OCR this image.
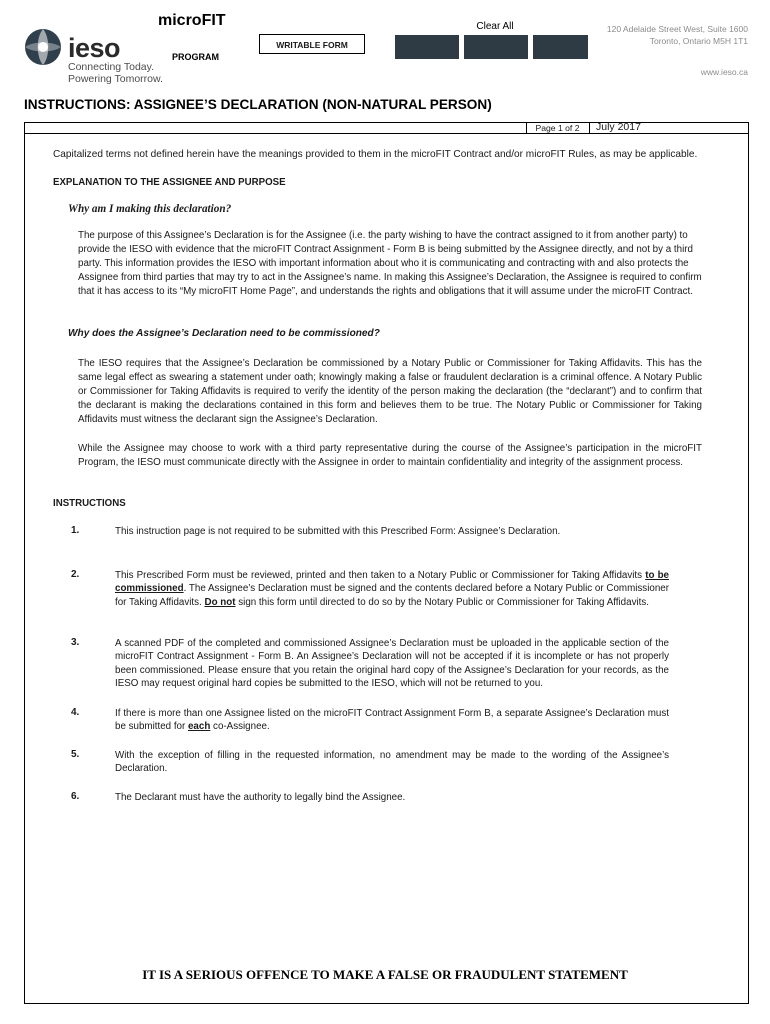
ieso
Connecting Today.
Powering Tomorrow.
microFIT
PROGRAM
WRITABLE FORM
Clear All	120 Adelaide Street West, Suite 1600
Toronto, Ontario M5H 1T1
www.ieso.ca
INSTRUCTIONS: ASSIGNEE’S DECLARATION (NON-NATURAL PERSON)
Page 1 of 2	July 2017
Capitalized terms not defined herein have the meanings provided to them in the microFIT Contract and/or microFIT Rules, as may be applicable.
EXPLANATION TO THE ASSIGNEE AND PURPOSE
Why am I making this declaration?
The purpose of this Assignee’s Declaration is for the Assignee (i.e. the party wishing to have the contract assigned to it from another party) to provide the IESO with evidence that the microFIT Contract Assignment - Form B is being submitted by the Assignee directly, and not by a third party. This information provides the IESO with important information about who it is communicating and contracting with and also protects the Assignee from third parties that may try to act in the Assignee’s name. In making this Assignee’s Declaration, the Assignee is required to confirm that it has access to its “My microFIT Home Page”, and understands the rights and obligations that it will assume under the microFIT Contract.
Why does the Assignee’s Declaration need to be commissioned?
The IESO requires that the Assignee’s Declaration be commissioned by a Notary Public or Commissioner for Taking Affidavits. This has the same legal effect as swearing a statement under oath; knowingly making a false or fraudulent declaration is a criminal offence. A Notary Public or Commissioner for Taking Affidavits is required to verify the identity of the person making the declaration (the “declarant”) and to confirm that the declarant is making the declarations contained in this form and believes them to be true. The Notary Public or Commissioner for Taking Affidavits must witness the declarant sign the Assignee’s Declaration.
While the Assignee may choose to work with a third party representative during the course of the Assignee’s participation in the microFIT Program, the IESO must communicate directly with the Assignee in order to maintain confidentiality and integrity of the assignment process.
INSTRUCTIONS
1.	This instruction page is not required to be submitted with this Prescribed Form: Assignee’s Declaration.
2.	This Prescribed Form must be reviewed, printed and then taken to a Notary Public or Commissioner for Taking Affidavits to be commissioned. The Assignee’s Declaration must be signed and the contents declared before a Notary Public or Commissioner for Taking Affidavits. Do not sign this form until directed to do so by the Notary Public or Commissioner for Taking Affidavits.
3.	A scanned PDF of the completed and commissioned Assignee’s Declaration must be uploaded in the applicable section of the microFIT Contract Assignment - Form B. An Assignee’s Declaration will not be accepted if it is incomplete or has not properly been commissioned. Please ensure that you retain the original hard copy of the Assignee’s Declaration for your records, as the IESO may request original hard copies be submitted to the IESO, which will not be returned to you.
4.	If there is more than one Assignee listed on the microFIT Contract Assignment Form B, a separate Assignee’s Declaration must be submitted for each co-Assignee.
5.	With the exception of filling in the requested information, no amendment may be made to the wording of the Assignee’s Declaration.
6.	The Declarant must have the authority to legally bind the Assignee.
IT IS A SERIOUS OFFENCE TO MAKE A FALSE OR FRAUDULENT STATEMENT
